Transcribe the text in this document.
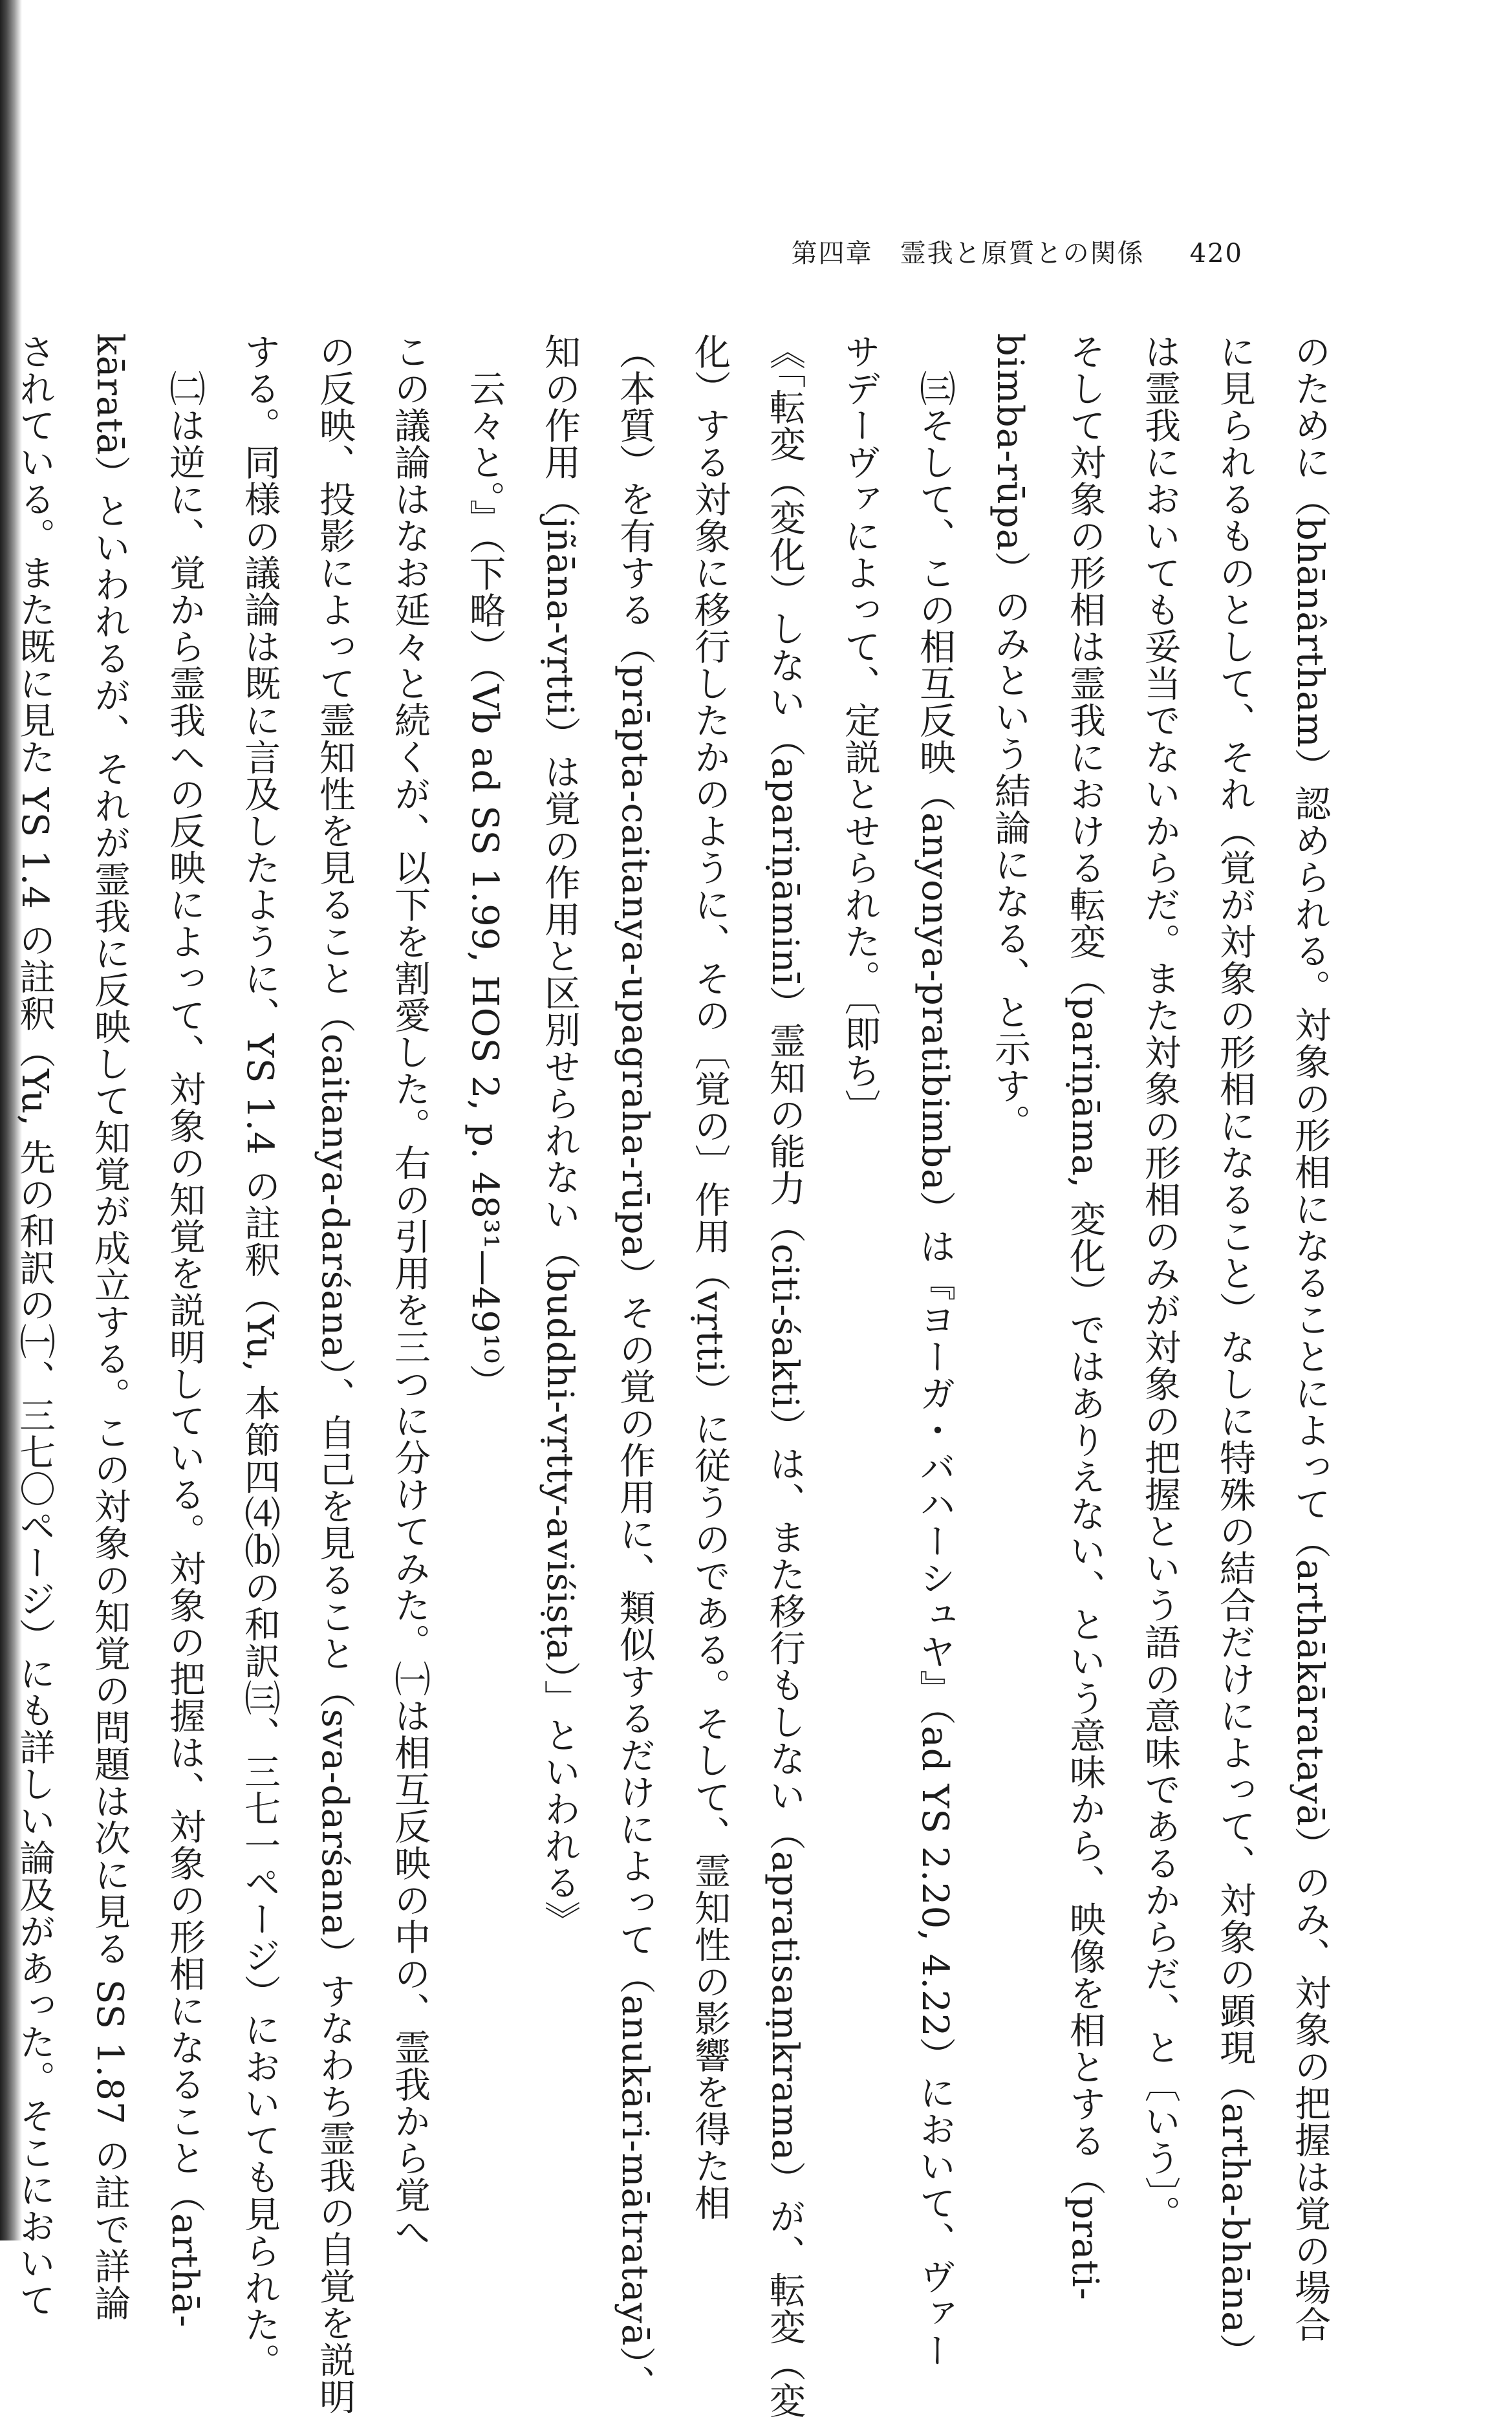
第四章　霊我と原質との関係 420
のために（bhānârtham）認められる。対象の形相になることによって（arthākāratayā）のみ、対象の把握は覚の場合
に見られるものとして、それ（覚が対象の形相になること）なしに特殊の結合だけによって、対象の顕現（artha-bhāna）
は霊我においても妥当でないからだ。また対象の形相のみが対象の把握という語の意味であるからだ、と〔いう〕。
そして対象の形相は霊我における転変（pariṇāma, 変化）ではありえない、という意味から、映像を相とする（prati-
bimba-rūpa）のみという結論になる、と示す。
　㈢そして、この相互反映（anyonya-pratibimba）は『ヨーガ・バハーシュヤ』（ad YS 2.20, 4.22）において、ヴァー
サデーヴァによって、定説とせられた。〔即ち〕
《「転変（変化）しない（apariṇāminī）霊知の能力（citi-śakti）は、また移行もしない（apratisaṃkrama）が、転変（変
化）する対象に移行したかのように、その〔覚の〕作用（vṛtti）に従うのである。そして、霊知性の影響を得た相
（本質）を有する（prāpta-caitanya-upagraha-rūpa）その覚の作用に、類似するだけによって（anukāri-mātratayā）、
知の作用（jñāna-vṛtti）は覚の作用と区別せられない（buddhi-vṛtty-aviśiṣṭa）」といわれる》
　云々と。』（下略）（Vb ad SS 1.99, HOS 2, p. 48³¹—49¹⁰）
この議論はなお延々と続くが、以下を割愛した。右の引用を三つに分けてみた。㈠は相互反映の中の、霊我から覚へ
の反映、投影によって霊知性を見ること（caitanya-darśana）、自己を見ること（sva-darśana）すなわち霊我の自覚を説明
する。同様の議論は既に言及したように、YS 1.4 の註釈（Yu, 本節四⑷⒝の和訳㈢、三七一ページ）においても見られた。
　㈡は逆に、覚から霊我への反映によって、対象の知覚を説明している。対象の把握は、対象の形相になること（arthā-
kāratā）といわれるが、それが霊我に反映して知覚が成立する。この対象の知覚の問題は次に見る SS 1.87 の註で詳論
されている。また既に見た YS 1.4 の註釈（Yu, 先の和訳の㈠、三七〇ページ）にも詳しい論及があった。そこにおいて
